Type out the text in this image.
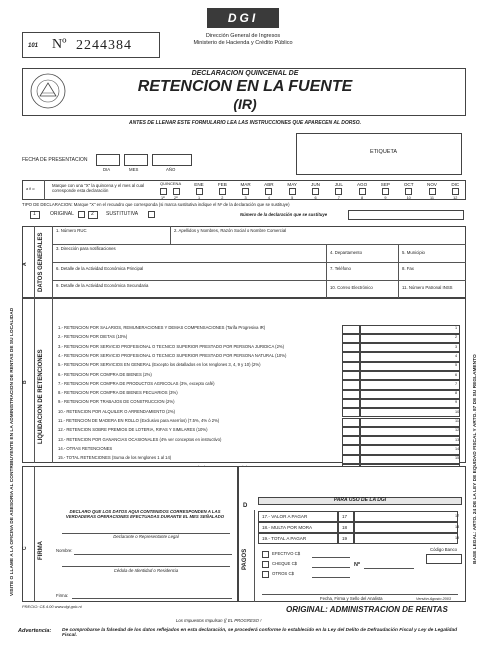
101 Nº 2244384
DGI
Dirección General de Ingresos
Ministerio de Hacienda y Crédito Público
DECLARACION QUINCENAL DE
RETENCION EN LA FUENTE
(IR)
ANTES DE LLENAR ESTE FORMULARIO LEA LAS INSTRUCCIONES QUE APARECEN AL DORSO.
ETIQUETA
FECHA DE PRESENTACION
DIA	MES	AÑO
a ñ o
Marque con una "X" la quincena y el mes al cual corresponde esta declaración
QUINCENA
1ª 2ª
ENE
1
FEB
2
MAR
3
ABR
4
MAY
5
JUN
6
JUL
7
AGO
8
SEP
9
OCT
10
NOV
11
DIC
12
TIPO DE DECLARACION: Marque "X" en el recuadro que corresponda (si marca sustitutiva indique el Nº de la declaración que se sustituye)
1	ORIGINAL	2 SUSTITUTIVA	Número de la declaración que se sustituye
A DATOS GENERALES
1. Número RUC	2. Apellidos y Nombres, Razón Social o Nombre Comercial
3. Dirección para notificaciones
4. Departamento	5. Municipio
6. Detalle de la Actividad Económica Principal	7. Teléfono	8. Fax
9. Detalle de la Actividad Económica Secundaria	10. Correo Electrónico	11. Número Patronal INSS
B LIQUIDACION DE RETENCIONES
1.- RETENCION POR SALARIOS, REMUNERACIONES Y DEMAS COMPENSACIONES (Tarifa Progresiva IR)	1
2.- RETENCION POR DIETAS (10%)	2
3.- RETENCION POR SERVICIO PROFESIONAL O TECNICO SUPERIOR PRESTADO POR PERSONA JURIDICA (2%)	3
4.- RETENCION POR SERVICIO PROFESIONAL O TECNICO SUPERIOR PRESTADO POR PERSONA NATURAL (10%)	4
5.- RETENCION POR SERVICIOS EN GENERAL (Excepto los detallados en los renglones 3, 4, 9 y 10) (2%)	5
6.- RETENCION POR COMPRA DE BIENES (2%)	6
7.- RETENCION POR COMPRA DE PRODUCTOS AGRICOLAS (3%, excepto café)	7
8.- RETENCION POR COMPRA DE BIENES PECUARIOS (3%)	8
9.- RETENCION POR TRABAJOS DE CONSTRUCCION (2%)	9
10.- RETENCION POR ALQUILER O ARRENDAMIENTO (2%)	10
11.- RETENCION DE MADERA EN ROLLO (Exclusivo para Aserríos) (7.5%, 4% ó 2%)	11
12.- RETENCION SOBRE PREMIOS DE LOTERIA, RIFAS Y SIMILARES (10%)	12
13.- RETENCION POR GANANCIAS OCASIONALES (4% ver conceptos en instructivo)	13
14.- OTRAS RETENCIONES	14
15.- TOTAL RETENCIONES (Suma de los renglones 1 al 14)	15
C FIRMA
DECLARO QUE LOS DATOS AQUI CONTENIDOS CORRESPONDEN A LAS VERDADERAS OPERACIONES EFECTUADAS DURANTE EL MES SEÑALADO
Declarante o Representante Legal
Nombre:
Cédula de Identidad o Residencia
Firma:
D
PAGOS
PARA USO DE LA DGI
17.- VALOR A PAGAR	17	17
18.- MULTA POR MORA	18	18
19.- TOTAL A PAGAR	19	19
EFECTIVO C$
CHEQUE C$
OTROS C$
Nº
Código Banco
Fecha, Firma y Sello del Analista
VISITE O LLAME A LA OFICINA DE ASESORIA AL CONTRIBUYENTE EN LA ADMINISTRACION DE RENTAS DE SU LOCALIDAD	BASE LEGAL: ARTO. 24 DE LA LEY DE EQUIDAD FISCAL Y ARTO. 87 DE SU REGLAMENTO
PRECIO: C$ 4.00 www.dgi.gob.ni
Versión Agosto 2003
ORIGINAL: ADMINISTRACION DE RENTAS
Los Impuestos Impulsan (( EL PROGRESO !
Advertencia: De comprobarse la falsedad de los datos reflejados en esta declaración, se procederá conforme lo establecido en la Ley del Delito de Defraudación Fiscal y Ley de Legalidad Fiscal.
